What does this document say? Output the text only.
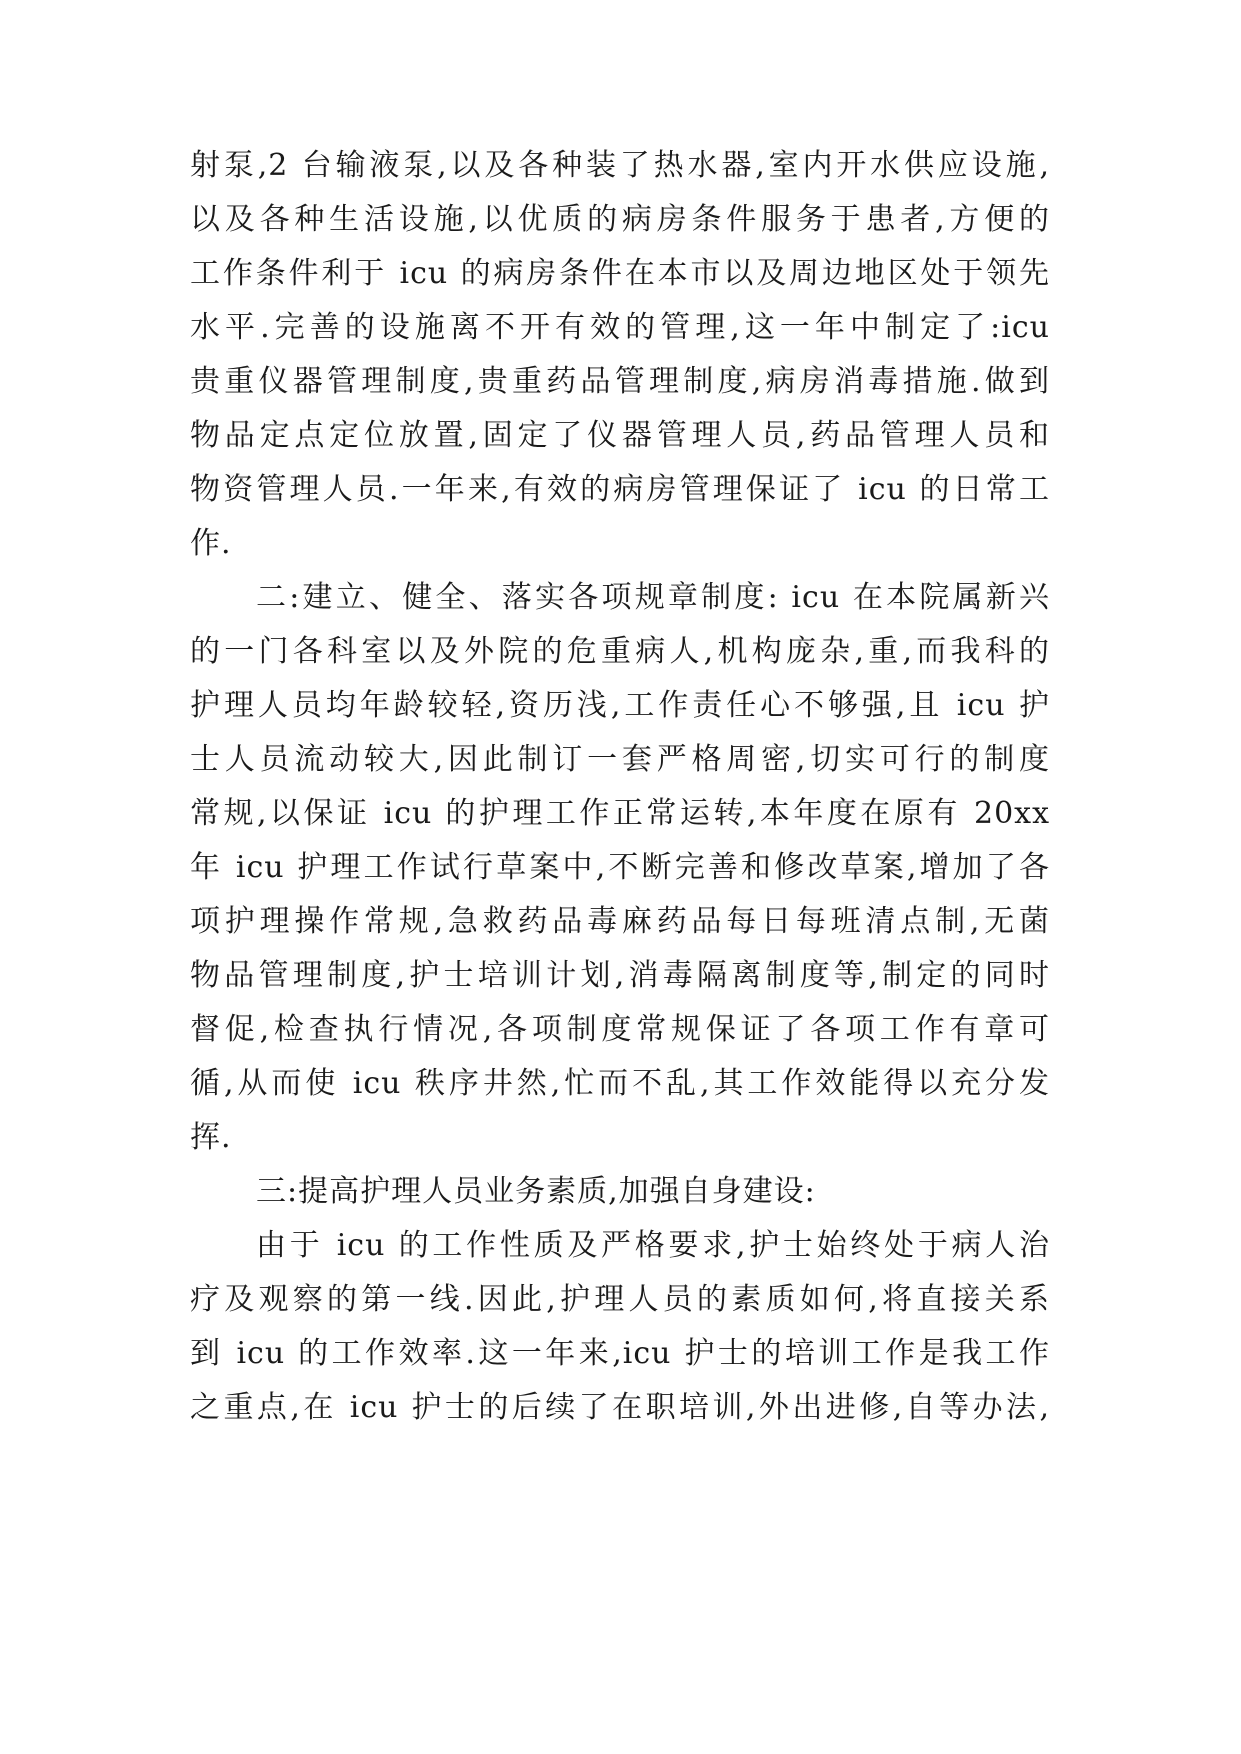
射泵,2 台输液泵,以及各种装了热水器,室内开水供应设施,
以及各种生活设施,以优质的病房条件服务于患者,方便的
工作条件利于 icu 的病房条件在本市以及周边地区处于领先
水平.完善的设施离不开有效的管理,这一年中制定了:icu
贵重仪器管理制度,贵重药品管理制度,病房消毒措施.做到
物品定点定位放置,固定了仪器管理人员,药品管理人员和
物资管理人员.一年来,有效的病房管理保证了 icu 的日常工
作.
二:建立、健全、落实各项规章制度: icu 在本院属新兴
的一门各科室以及外院的危重病人,机构庞杂,重,而我科的
护理人员均年龄较轻,资历浅,工作责任心不够强,且 icu 护
士人员流动较大,因此制订一套严格周密,切实可行的制度
常规,以保证 icu 的护理工作正常运转,本年度在原有 20xx
年 icu 护理工作试行草案中,不断完善和修改草案,增加了各
项护理操作常规,急救药品毒麻药品每日每班清点制,无菌
物品管理制度,护士培训计划,消毒隔离制度等,制定的同时
督促,检查执行情况,各项制度常规保证了各项工作有章可
循,从而使 icu 秩序井然,忙而不乱,其工作效能得以充分发
挥.
三:提高护理人员业务素质,加强自身建设:
由于 icu 的工作性质及严格要求,护士始终处于病人治
疗及观察的第一线.因此,护理人员的素质如何,将直接关系
到 icu 的工作效率.这一年来,icu 护士的培训工作是我工作
之重点,在 icu 护士的后续了在职培训,外出进修,自等办法,
